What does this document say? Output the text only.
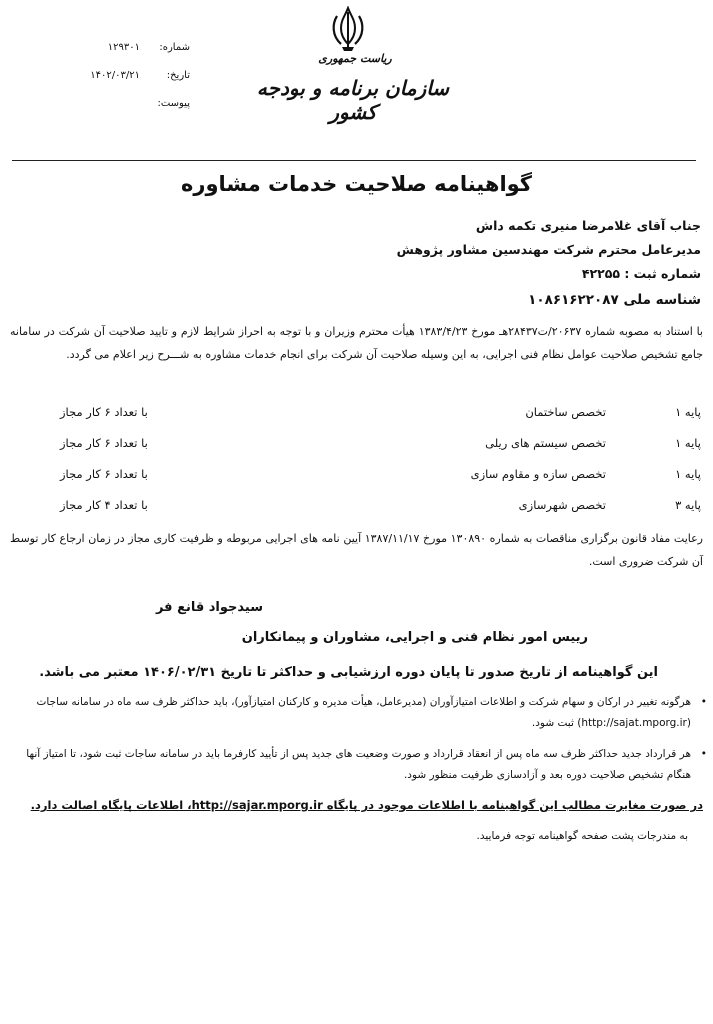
شماره:
۱۲۹۳۰۱
تاریخ:
۱۴۰۲/۰۳/۲۱
پیوست:
ریاست جمهوری
سازمان برنامه و بودجه کشور
گواهینامه صلاحیت خدمات مشاوره
جناب آقای غلامرضا منیری تکمه داش
مدیرعامل محترم شرکت مهندسین مشاور پژوهش
شماره ثبت : ۴۲۲۵۵
شناسه ملی ۱۰۸۶۱۶۲۲۰۸۷
با استناد به مصوبه شماره ۲۰۶۳۷/ت۲۸۴۳۷هـ مورخ ۱۳۸۳/۴/۲۳ هیأت محترم وزیران و با توجه به احراز شرایط لازم و تایید صلاحیت آن شرکت در سامانه جامع تشخیص صلاحیت عوامل نظام فنی اجرایی، به این وسیله صلاحیت آن شرکت برای انجام خدمات مشاوره به شـــرح زیر اعلام می گردد.
پایه ۱
تخصص ساختمان
با تعداد ۶ کار مجاز
پایه ۱
تخصص سیستم های ریلی
با تعداد ۶ کار مجاز
پایه ۱
تخصص سازه و مقاوم سازی
با تعداد ۶ کار مجاز
پایه ۳
تخصص شهرسازی
با تعداد ۴ کار مجاز
رعایت مفاد قانون برگزاری مناقصات به شماره ۱۳۰۸۹۰ مورخ ۱۳۸۷/۱۱/۱۷ آیین نامه های اجرایی مربوطه و ظرفیت کاری مجاز در زمان ارجاع کار توسط آن شرکت ضروری است.
سیدجواد قانع فر
رییس امور نظام فنی و اجرایی، مشاوران و پیمانکاران
این گواهینامه از تاریخ صدور تا پایان دوره ارزشیابی و حداکثر تا تاریخ ۱۴۰۶/۰۲/۳۱ معتبر می باشد.
•
هرگونه تغییر در ارکان و سهام شرکت و اطلاعات امتیازآوران (مدیرعامل، هیأت مدیره و کارکنان امتیازآور)، باید حداکثر ظرف سه ماه در سامانه ساجات (http://sajat.mporg.ir) ثبت شود.
•
هر قرارداد جدید حداکثر ظرف سه ماه پس از انعقاد قرارداد و صورت وضعیت های جدید پس از تأیید کارفرما باید در سامانه ساجات ثبت شود، تا امتیاز آنها هنگام تشخیص صلاحیت دوره بعد و آزادسازی ظرفیت منظور شود.
در صورت مغایرت مطالب این گواهینامه با اطلاعات موجود در پایگاه http://sajar.mporg.ir، اطلاعات پایگاه اصالت دارد.
به مندرجات پشت صفحه گواهینامه توجه فرمایید.
